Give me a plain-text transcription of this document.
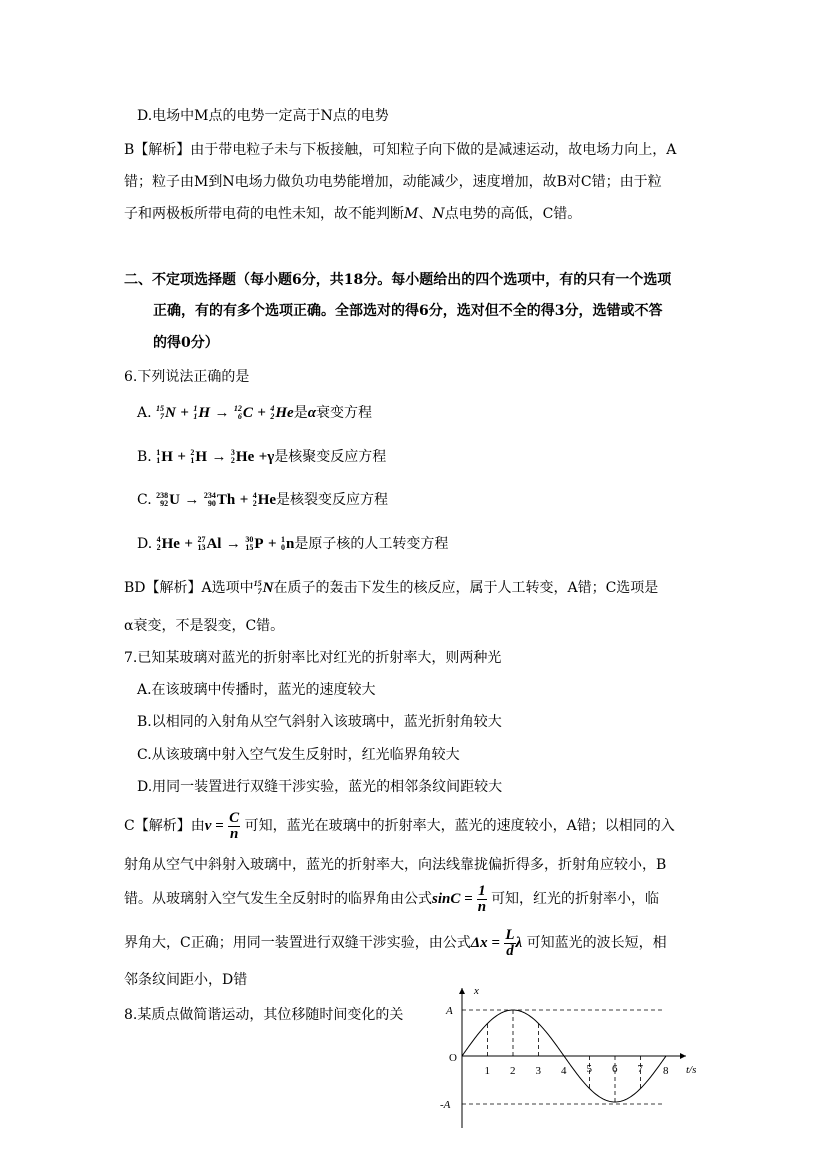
D.电场中M点的电势一定高于N点的电势
B【解析】由于带电粒子未与下板接触，可知粒子向下做的是减速运动，故电场力向上，A
错；粒子由M到N电场力做负功电势能增加，动能减少，速度增加，故B对C错；由于粒
子和两极板所带电荷的电性未知，故不能判断M、N点电势的高低，C错。
二、不定项选择题（每小题6分，共18分。每小题给出的四个选项中，有的只有一个选项
正确，有的有多个选项正确。全部选对的得6分，选对但不全的得3分，选错或不答
的得0分）
6.下列说法正确的是
A. 15
7 N + 1
1 H → 12
6 C + 4
2 He 是α衰变方程
B. 1
1 H + 2
1 H → 3
2 He +γ是核聚变反应方程
C. 238
92 U → 234
90 Th + 4
2 He 是核裂变反应方程
D. 4
2 He + 27
13 Al → 30
15 P + 1
0 n 是原子核的人工转变方程
BD【解析】A选项中 15
7 N 在质子的轰击下发生的核反应，属于人工转变，A错；C选项是
α衰变，不是裂变，C错。
7.已知某玻璃对蓝光的折射率比对红光的折射率大，则两种光
A.在该玻璃中传播时，蓝光的速度较大
B.以相同的入射角从空气斜射入该玻璃中，蓝光折射角较大
C.从该玻璃中射入空气发生反射时，红光临界角较大
D.用同一装置进行双缝干涉实验，蓝光的相邻条纹间距较大
C【解析】由$v = \frac{C}{n}$ 可知，蓝光在玻璃中的折射率大，蓝光的速度较小，A错；以相同的入
射角从空气中斜射入玻璃中，蓝光的折射率大，向法线靠拢偏折得多，折射角应较小，B
错。从玻璃射入空气发生全反射时的临界角由公式$\sin C = \frac{1}{n}$ 可知，红光的折射率小，临
界角大，C正确；用同一装置进行双缝干涉实验，由公式$\Delta x = \frac{L}{d}$ λ 可知蓝光的波长短，相
邻条纹间距小，D错
8.某质点做简谐运动，其位移随时间变化的关
x
t/s
A
-A
O
1 2 3 4 5 6 7 8
